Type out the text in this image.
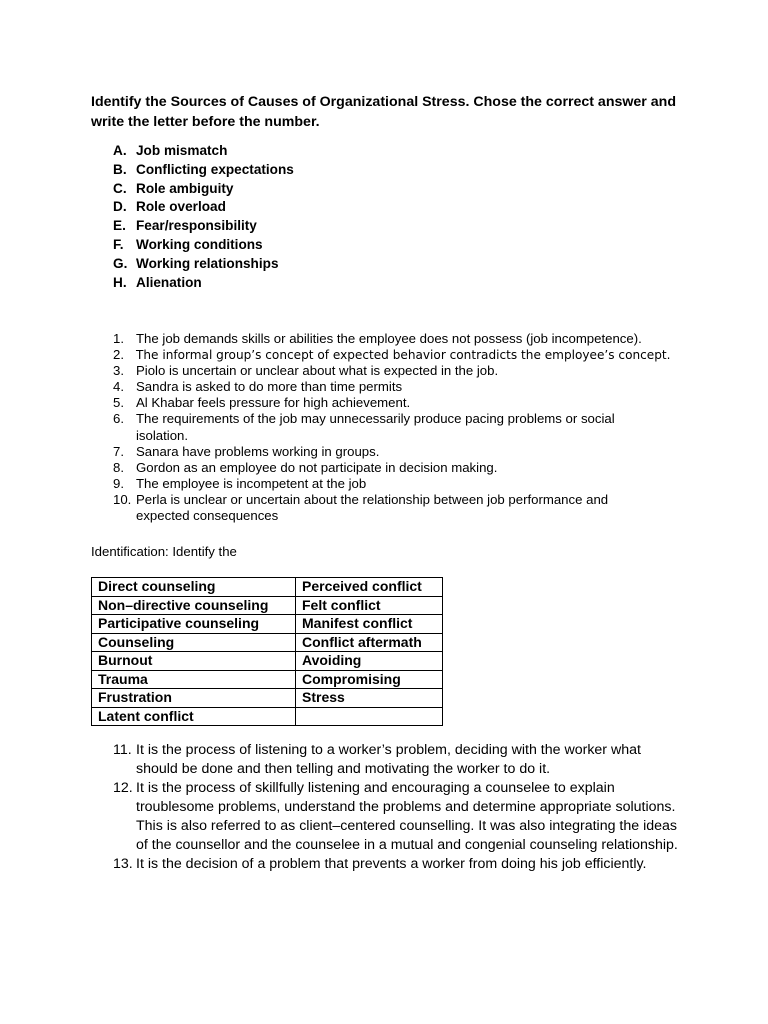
Identify the Sources of Causes of Organizational Stress. Chose the correct answer and write the letter before the number.

A. Job mismatch
B. Conflicting expectations
C. Role ambiguity
D. Role overload
E. Fear/responsibility
F. Working conditions
G. Working relationships
H. Alienation
1. The job demands skills or abilities the employee does not possess (job incompetence).
2. The informal group’s concept of expected behavior contradicts the employee’s concept.
3. Piolo is uncertain or unclear about what is expected in the job.
4. Sandra is asked to do more than time permits
5. Al Khabar feels pressure for high achievement.
6. The requirements of the job may unnecessarily produce pacing problems or social isolation.
7. Sanara have problems working in groups.
8. Gordon as an employee do not participate in decision making.
9. The employee is incompetent at the job
10. Perla is unclear or uncertain about the relationship between job performance and expected consequences

Identification: Identify the

Direct counseling	Perceived conflict
Non–directive counseling	Felt conflict
Participative counseling	Manifest conflict
Counseling	Conflict aftermath
Burnout	Avoiding
Trauma	Compromising
Frustration	Stress
Latent conflict	
11. It is the process of listening to a worker’s problem, deciding with the worker what should be done and then telling and motivating the worker to do it.
12. It is the process of skillfully listening and encouraging a counselee to explain troublesome problems, understand the problems and determine appropriate solutions. This is also referred to as client–centered counselling. It was also integrating the ideas of the counsellor and the counselee in a mutual and congenial counseling relationship.
13. It is the decision of a problem that prevents a worker from doing his job efficiently.
